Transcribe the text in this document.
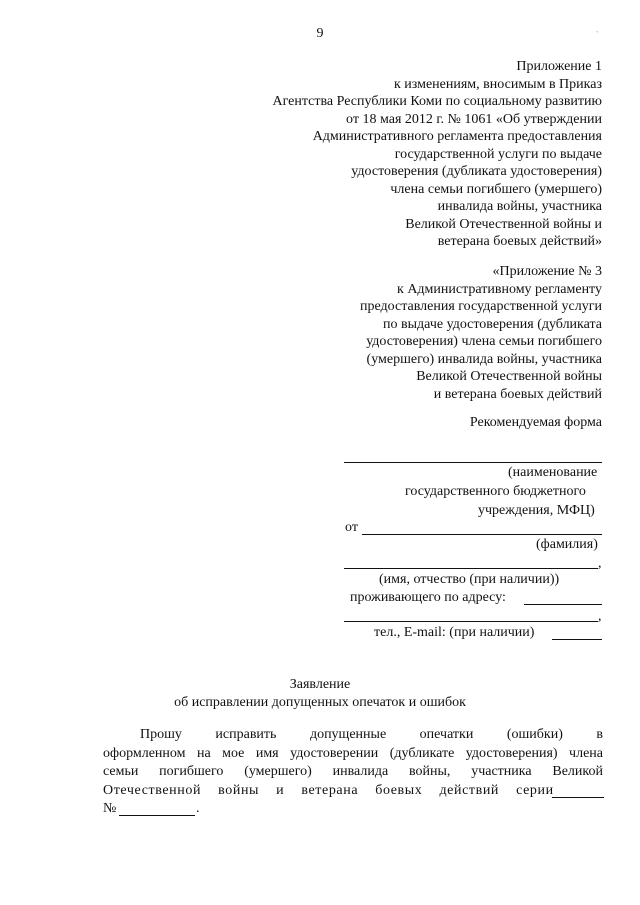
9	`
Приложение 1
к изменениям, вносимым в Приказ
Агентства Республики Коми по социальному развитию
от 18 мая 2012 г. № 1061 «Об утверждении
Административного регламента предоставления
государственной услуги по выдаче
удостоверения (дубликата удостоверения)
члена семьи погибшего (умершего)
инвалида войны, участника
Великой Отечественной войны и
ветерана боевых действий»
«Приложение № 3
к Административному регламенту
предоставления государственной услуги
по выдаче удостоверения (дубликата
удостоверения) члена семьи погибшего
(умершего) инвалида войны, участника
Великой Отечественной войны
и ветерана боевых действий
Рекомендуемая форма
(наименование
государственного бюджетного
учреждения, МФЦ)
от
(фамилия)
,
(имя, отчество (при наличии))
проживающего по адресу:
,
тел., E-mail: (при наличии)
Заявление
об исправлении допущенных опечаток и ошибок
Прошу исправить допущенные опечатки (ошибки) в
оформленном на мое имя удостоверении (дубликате удостоверения) члена
семьи погибшего (умершего) инвалида войны, участника Великой
Отечественной войны и ветерана боевых действий серии
№	.
